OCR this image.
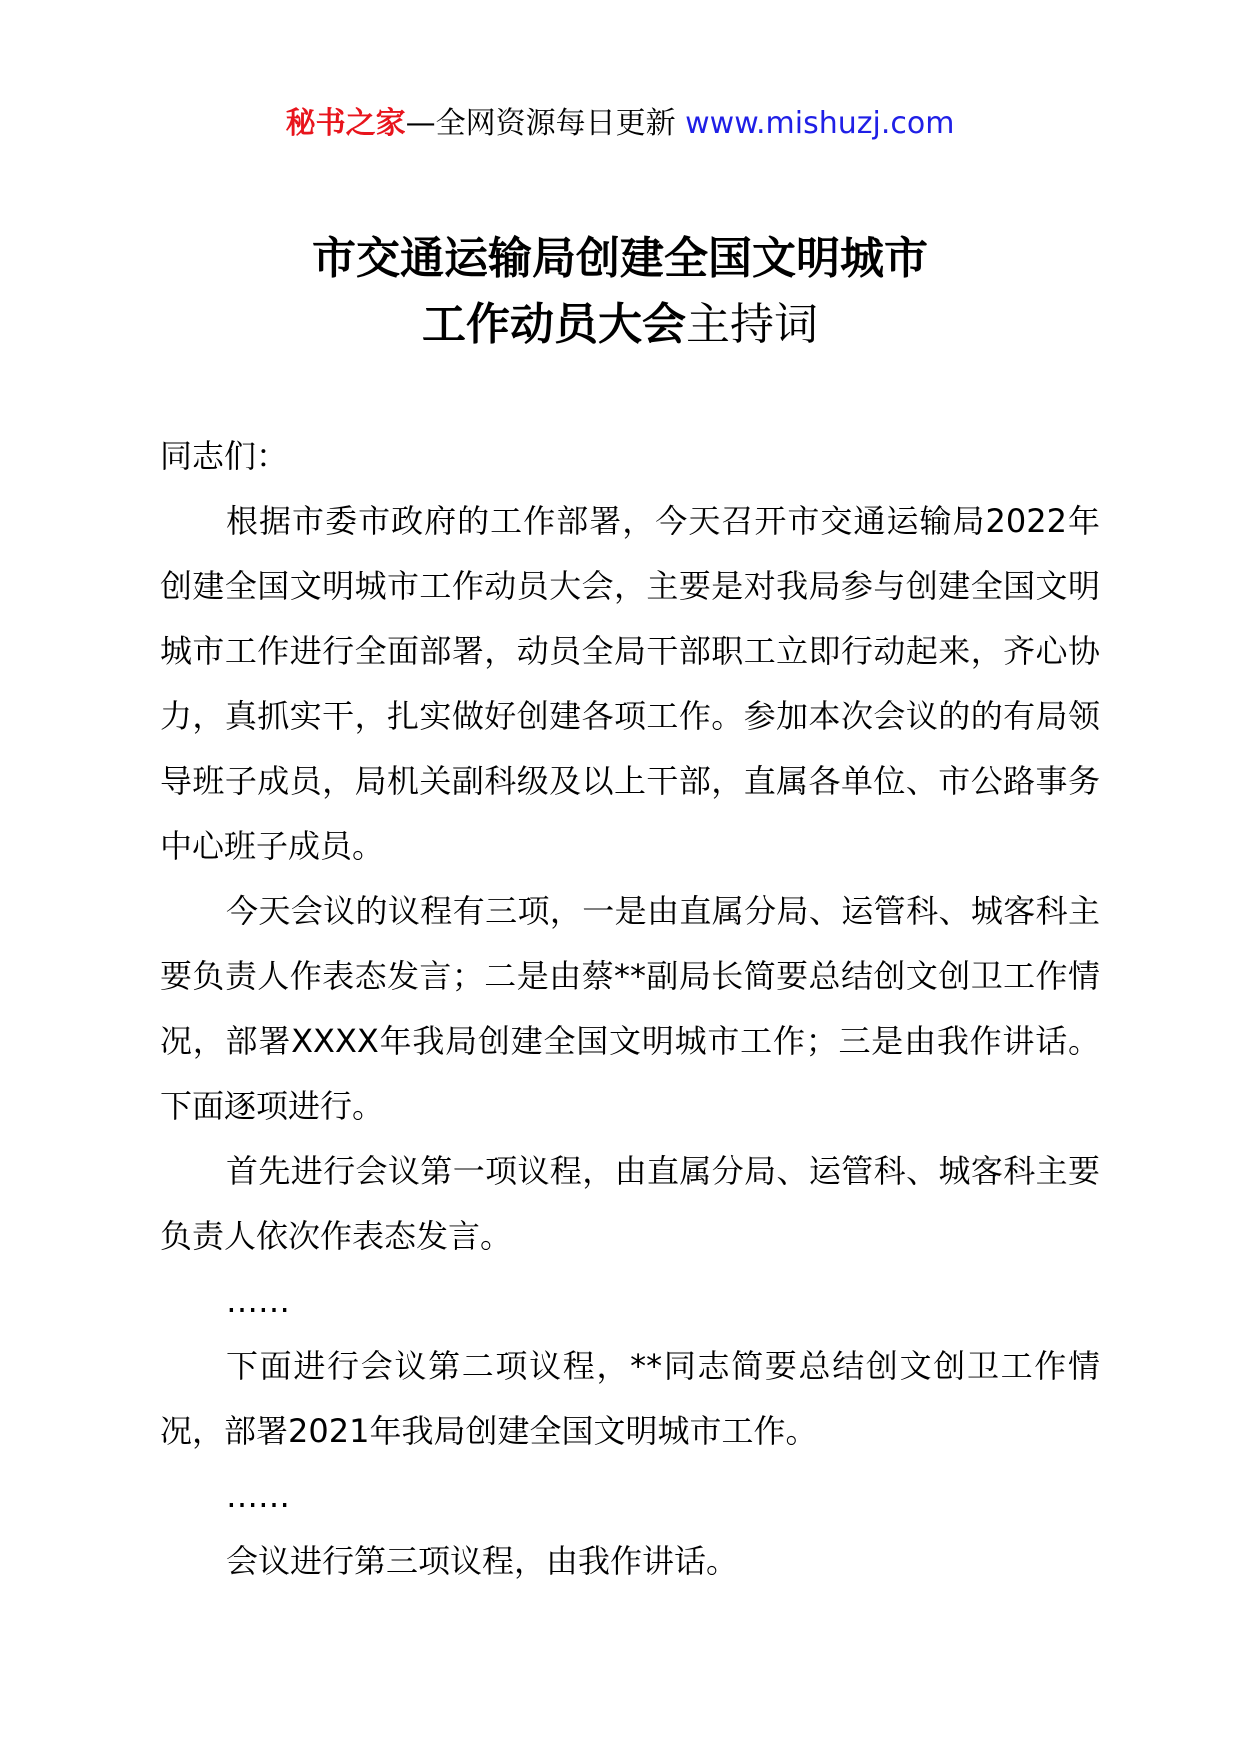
秘书之家—全网资源每日更新 www.mishuzj.com
市交通运输局创建全国文明城市
工作动员大会主持词

同志们：

根据市委市政府的工作部署，今天召开市交通运输局2022年创建全国文明城市工作动员大会，主要是对我局参与创建全国文明城市工作进行全面部署，动员全局干部职工立即行动起来，齐心协力，真抓实干，扎实做好创建各项工作。参加本次会议的的有局领导班子成员，局机关副科级及以上干部，直属各单位、市公路事务中心班子成员。

今天会议的议程有三项，一是由直属分局、运管科、城客科主要负责人作表态发言；二是由蔡**副局长简要总结创文创卫工作情况，部署XXXX年我局创建全国文明城市工作；三是由我作讲话。下面逐项进行。

首先进行会议第一项议程，由直属分局、运管科、城客科主要负责人依次作表态发言。

……

下面进行会议第二项议程，**同志简要总结创文创卫工作情况，部署2021年我局创建全国文明城市工作。

……

会议进行第三项议程，由我作讲话。
